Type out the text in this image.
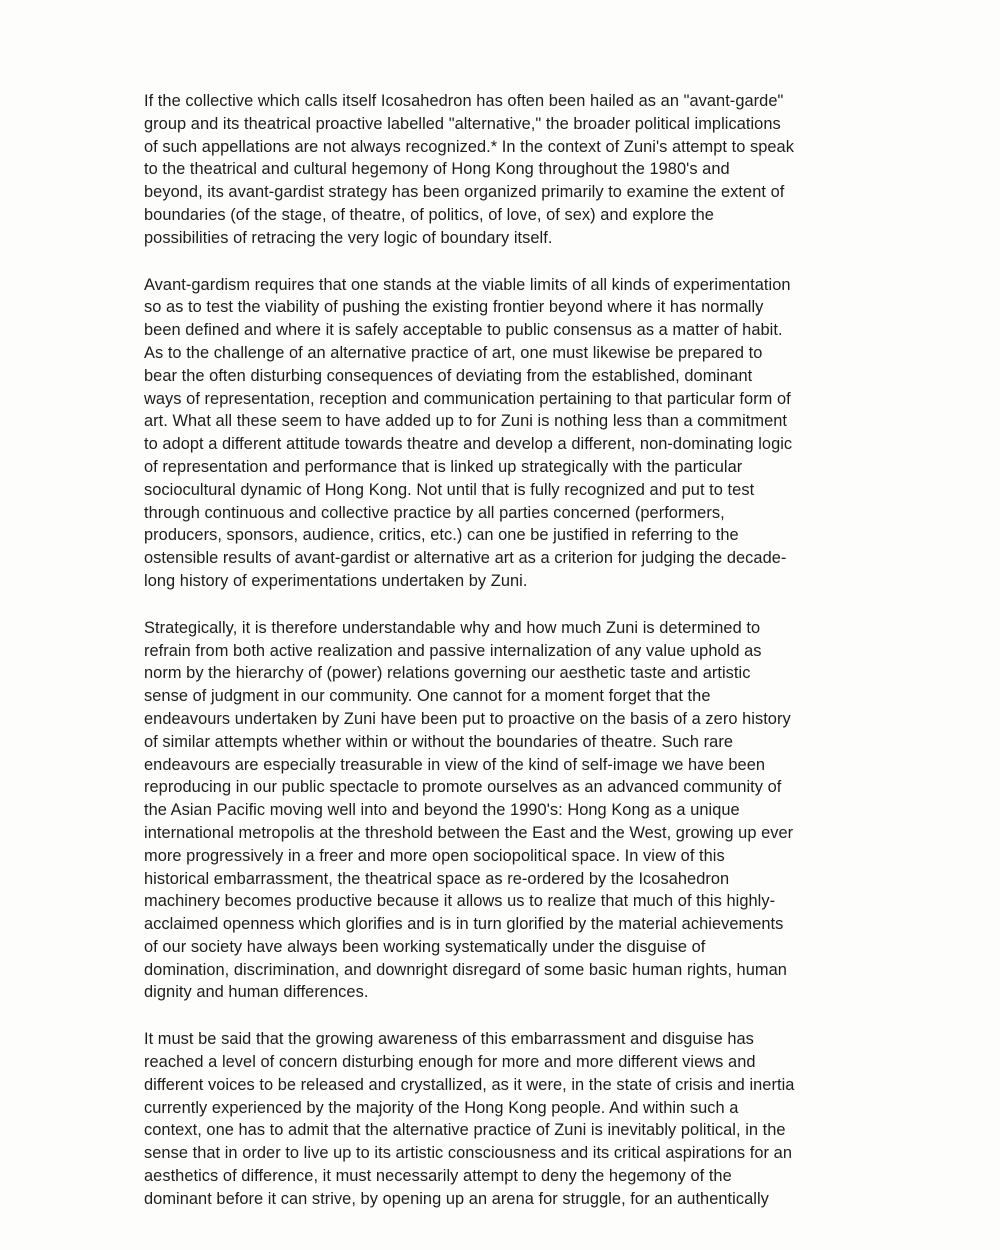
If the collective which calls itself Icosahedron has often been hailed as an "avant-garde"
group and its theatrical proactive labelled "alternative," the broader political implications
of such appellations are not always recognized.* In the context of Zuni's attempt to speak
to the theatrical and cultural hegemony of Hong Kong throughout the 1980's and
beyond, its avant-gardist strategy has been organized primarily to examine the extent of
boundaries (of the stage, of theatre, of politics, of love, of sex) and explore the
possibilities of retracing the very logic of boundary itself.
Avant-gardism requires that one stands at the viable limits of all kinds of experimentation
so as to test the viability of pushing the existing frontier beyond where it has normally
been defined and where it is safely acceptable to public consensus as a matter of habit.
As to the challenge of an alternative practice of art, one must likewise be prepared to
bear the often disturbing consequences of deviating from the established, dominant
ways of representation, reception and communication pertaining to that particular form of
art. What all these seem to have added up to for Zuni is nothing less than a commitment
to adopt a different attitude towards theatre and develop a different, non-dominating logic
of representation and performance that is linked up strategically with the particular
sociocultural dynamic of Hong Kong. Not until that is fully recognized and put to test
through continuous and collective practice by all parties concerned (performers,
producers, sponsors, audience, critics, etc.) can one be justified in referring to the
ostensible results of avant-gardist or alternative art as a criterion for judging the decade-
long history of experimentations undertaken by Zuni.
Strategically, it is therefore understandable why and how much Zuni is determined to
refrain from both active realization and passive internalization of any value uphold as
norm by the hierarchy of (power) relations governing our aesthetic taste and artistic
sense of judgment in our community. One cannot for a moment forget that the
endeavours undertaken by Zuni have been put to proactive on the basis of a zero history
of similar attempts whether within or without the boundaries of theatre. Such rare
endeavours are especially treasurable in view of the kind of self-image we have been
reproducing in our public spectacle to promote ourselves as an advanced community of
the Asian Pacific moving well into and beyond the 1990's: Hong Kong as a unique
international metropolis at the threshold between the East and the West, growing up ever
more progressively in a freer and more open sociopolitical space. In view of this
historical embarrassment, the theatrical space as re-ordered by the Icosahedron
machinery becomes productive because it allows us to realize that much of this highly-
acclaimed openness which glorifies and is in turn glorified by the material achievements
of our society have always been working systematically under the disguise of
domination, discrimination, and downright disregard of some basic human rights, human
dignity and human differences.
It must be said that the growing awareness of this embarrassment and disguise has
reached a level of concern disturbing enough for more and more different views and
different voices to be released and crystallized, as it were, in the state of crisis and inertia
currently experienced by the majority of the Hong Kong people. And within such a
context, one has to admit that the alternative practice of Zuni is inevitably political, in the
sense that in order to live up to its artistic consciousness and its critical aspirations for an
aesthetics of difference, it must necessarily attempt to deny the hegemony of the
dominant before it can strive, by opening up an arena for struggle, for an authentically
